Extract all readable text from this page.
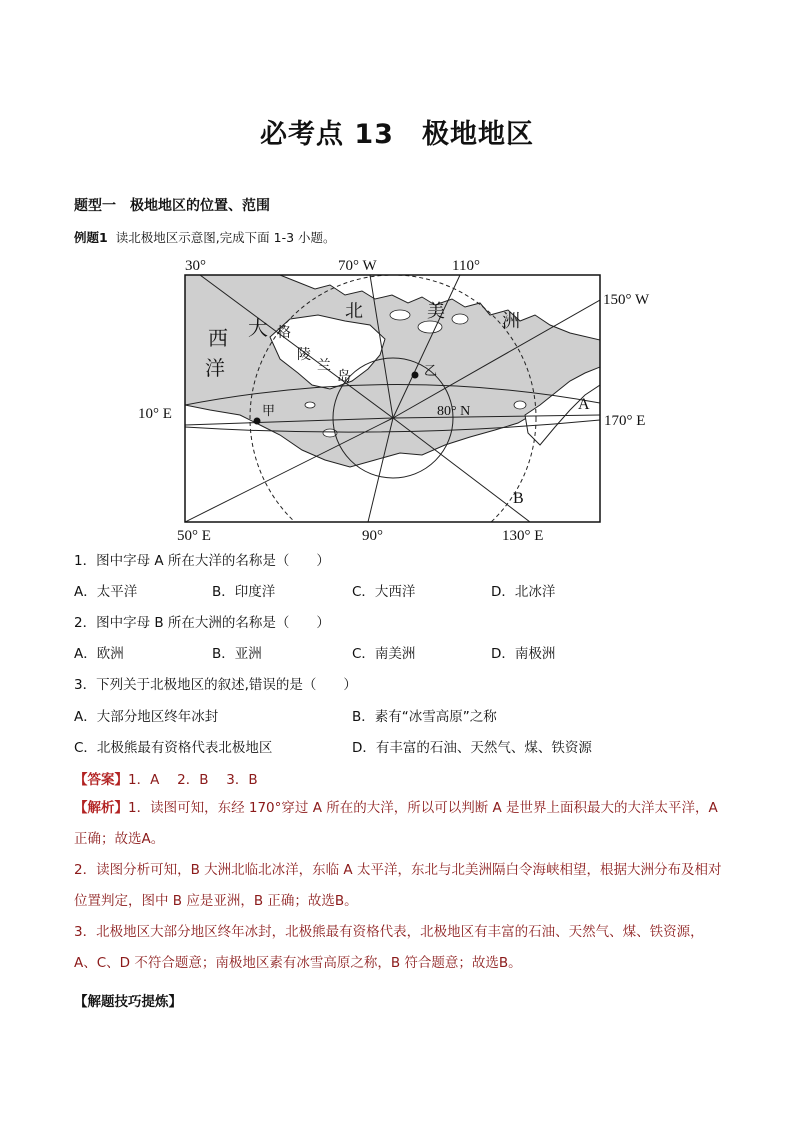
必考点 13　极地地区
题型一　极地地区的位置、范围
例题1 读北极地区示意图,完成下面 1-3 小题。
30°	70° W	110°
150° W
10° E	170° E
50° E	90°	130° E
80° N
大
西
洋
北	美	洲
格
陵
兰
岛
甲
乙
A
B
1．图中字母 A 所在大洋的名称是（　　）
A．太平洋	B．印度洋	C．大西洋	D．北冰洋
2．图中字母 B 所在大洲的名称是（　　）
A．欧洲	B．亚洲	C．南美洲	D．南极洲
3．下列关于北极地区的叙述,错误的是（　　）
A．大部分地区终年冰封	B．素有“冰雪高原”之称
C．北极熊最有资格代表北极地区	D．有丰富的石油、天然气、煤、铁资源
【答案】1．A　 2．B　 3．B
【解析】1．读图可知，东经 170°穿过 A 所在的大洋，所以可以判断 A 是世界上面积最大的大洋太平洋，A 正确；故选A。
2．读图分析可知，B 大洲北临北冰洋，东临 A 太平洋，东北与北美洲隔白令海峡相望，根据大洲分布及相对位置判定，图中 B 应是亚洲，B 正确；故选B。
3．北极地区大部分地区终年冰封，北极熊最有资格代表，北极地区有丰富的石油、天然气、煤、铁资源，A、C、D 不符合题意；南极地区素有冰雪高原之称，B 符合题意；故选B。
【解题技巧提炼】
